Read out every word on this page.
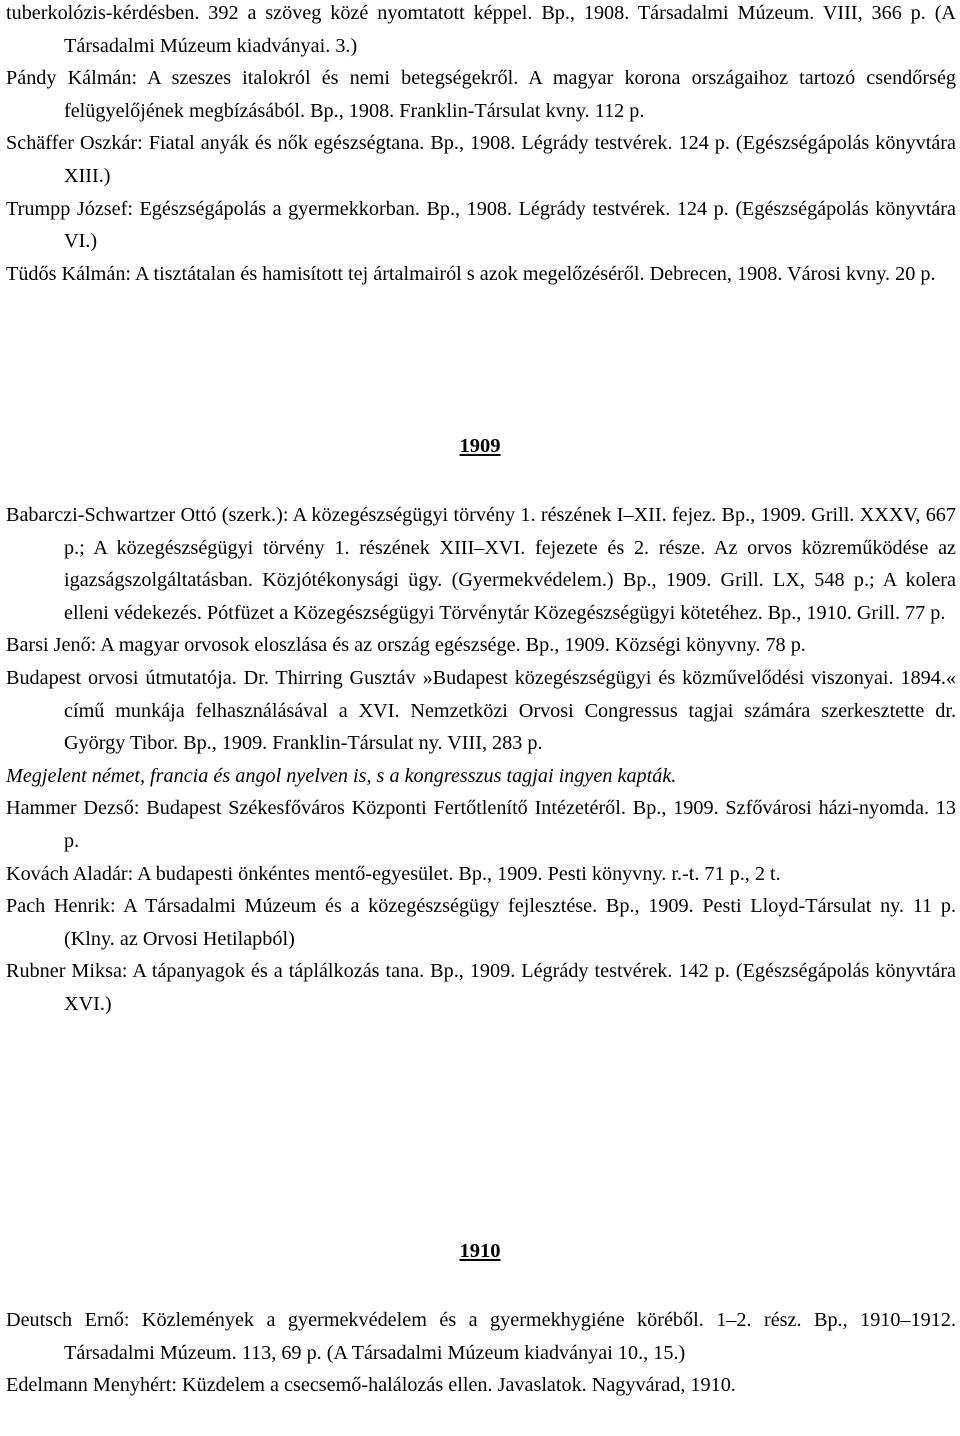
tuberkolózis-kérdésben. 392 a szöveg közé nyomtatott képpel. Bp., 1908. Társadalmi Múzeum. VIII, 366 p. (A Társadalmi Múzeum kiadványai. 3.)
Pándy Kálmán: A szeszes italokról és nemi betegségekről. A magyar korona országaihoz tartozó csendőrség felügyelőjének megbízásából. Bp., 1908. Franklin-Társulat kvny. 112 p.
Schäffer Oszkár: Fiatal anyák és nők egészségtana. Bp., 1908. Légrády testvérek. 124 p. (Egészségápolás könyvtára XIII.)
Trumpp József: Egészségápolás a gyermekkorban. Bp., 1908. Légrády testvérek. 124 p. (Egészségápolás könyvtára VI.)
Tüdős Kálmán: A tisztátalan és hamisított tej ártalmairól s azok megelőzéséről. Debrecen, 1908. Városi kvny. 20 p.
1909
Babarczi-Schwartzer Ottó (szerk.): A közegészségügyi törvény 1. részének I–XII. fejez. Bp., 1909. Grill. XXXV, 667 p.; A közegészségügyi törvény 1. részének XIII–XVI. fejezete és 2. része. Az orvos közreműködése az igazságszolgáltatásban. Közjótékonysági ügy. (Gyermekvédelem.) Bp., 1909. Grill. LX, 548 p.; A kolera elleni védekezés. Pótfüzet a Közegészségügyi Törvénytár Közegészségügyi kötetéhez. Bp., 1910. Grill. 77 p.
Barsi Jenő: A magyar orvosok eloszlása és az ország egészsége. Bp., 1909. Községi könyvny. 78 p.
Budapest orvosi útmutatója. Dr. Thirring Gusztáv »Budapest közegészségügyi és közművelődési viszonyai. 1894.« című munkája felhasználásával a XVI. Nemzetközi Orvosi Congressus tagjai számára szerkesztette dr. György Tibor. Bp., 1909. Franklin-Társulat ny. VIII, 283 p.
Megjelent német, francia és angol nyelven is, s a kongresszus tagjai ingyen kapták.
Hammer Dezső: Budapest Székesfőváros Központi Fertőtlenítő Intézetéről. Bp., 1909. Szfővárosi házi-nyomda. 13 p.
Kovách Aladár: A budapesti önkéntes mentő-egyesület. Bp., 1909. Pesti könyvny. r.-t. 71 p., 2 t.
Pach Henrik: A Társadalmi Múzeum és a közegészségügy fejlesztése. Bp., 1909. Pesti Lloyd-Társulat ny. 11 p. (Klny. az Orvosi Hetilapból)
Rubner Miksa: A tápanyagok és a táplálkozás tana. Bp., 1909. Légrády testvérek. 142 p. (Egészségápolás könyvtára XVI.)
1910
Deutsch Ernő: Közlemények a gyermekvédelem és a gyermekhygiéne köréből. 1–2. rész. Bp., 1910–1912. Társadalmi Múzeum. 113, 69 p. (A Társadalmi Múzeum kiadványai 10., 15.)
Edelmann Menyhért: Küzdelem a csecsemő-halálozás ellen. Javaslatok. Nagyvárad, 1910.
